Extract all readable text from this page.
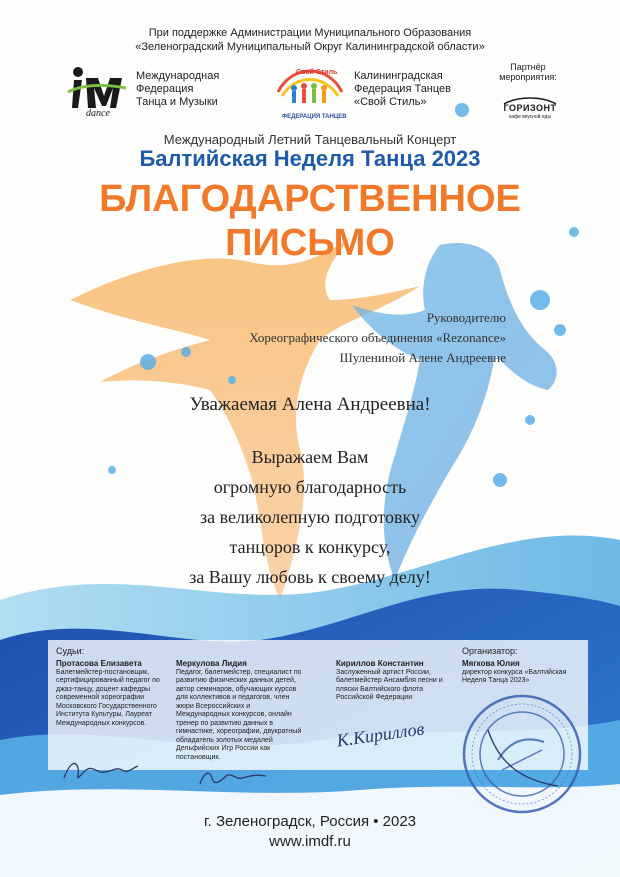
При поддержке Администрации Муниципального Образования
«Зеленоградский Муниципальный Округ Калининградской области»
dance
Международная
Федерация
Танца и Музыки
Свой Стиль
ФЕДЕРАЦИЯ ТАНЦЕВ
Калининградская
Федерация Танцев
«Свой Стиль»
Партнёр
мероприятия:
ГОРИЗОНТ
кафе вкусной еды
Международный Летний Танцевальный Концерт
Балтийская Неделя Танца 2023
БЛАГОДАРСТВЕННОЕ
ПИСЬМО
Руководителю
Хореографического объединения «Rezonance»
Шулениной Алене Андреевне
Уважаемая Алена Андреевна!
Выражаем Вам
огромную благодарность
за великолепную подготовку
танцоров к конкурсу,
за Вашу любовь к своему делу!
Судьи:	Организатор:
Протасова Елизавета
Балетмейстер-постановщик, сертифицированный педагог по джаз-танцу, доцент кафедры современной хореографии Московского Государственного Института Культуры, Лауреат Международных конкурсов.
Меркулова Лидия
Педагог, балетмейстер, специалист по развитию физических данных детей, автор семинаров, обучающих курсов для коллективов и педагогов, член жюри Всероссийских и Международных конкурсов, онлайн тренер по развитию данных в гимнастике, хореографии, двукратный обладатель золотых медалей Дельфийских Игр России как постановщик.
Кириллов Константин
Заслуженный артист России, балетмейстер Ансамбля песни и пляски Балтийского флота Российской Федерации
Мягкова Юлия
директор конкурса «Балтийская Неделя Танца 2023»
К.Кириллов
г. Зеленоградск, Россия • 2023
www.imdf.ru
